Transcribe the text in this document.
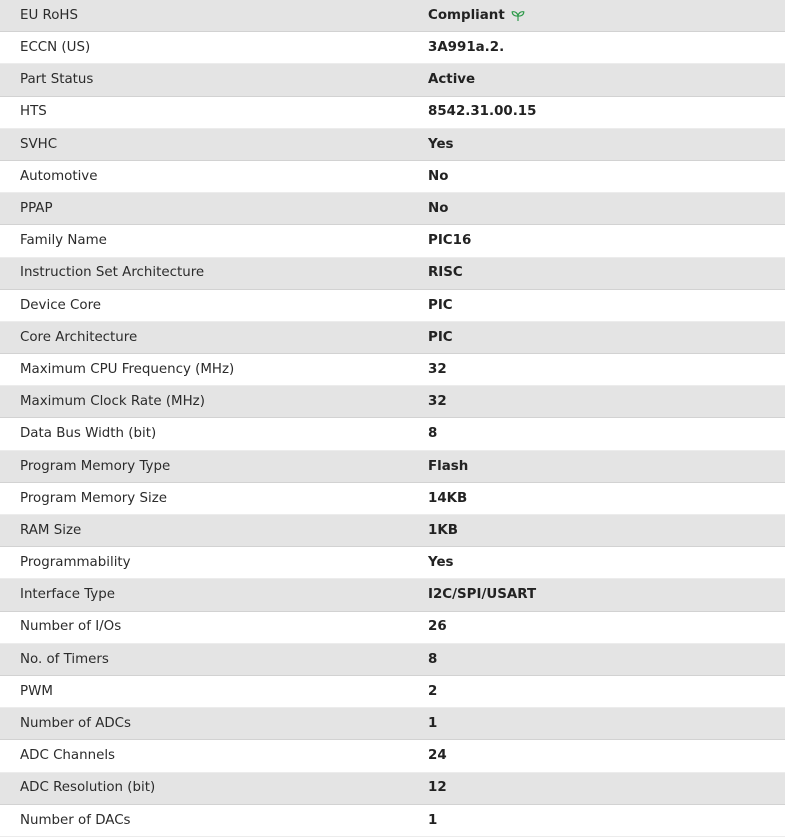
EU RoHS	Compliant

ECCN (US)	3A991a.2.
Part Status	Active
HTS	8542.31.00.15
SVHC	Yes
Automotive	No
PPAP	No
Family Name	PIC16
Instruction Set Architecture	RISC
Device Core	PIC
Core Architecture	PIC
Maximum CPU Frequency (MHz)	32
Maximum Clock Rate (MHz)	32
Data Bus Width (bit)	8
Program Memory Type	Flash
Program Memory Size	14KB
RAM Size	1KB
Programmability	Yes
Interface Type	I2C/SPI/USART
Number of I/Os	26
No. of Timers	8
PWM	2
Number of ADCs	1
ADC Channels	24
ADC Resolution (bit)	12
Number of DACs	1
